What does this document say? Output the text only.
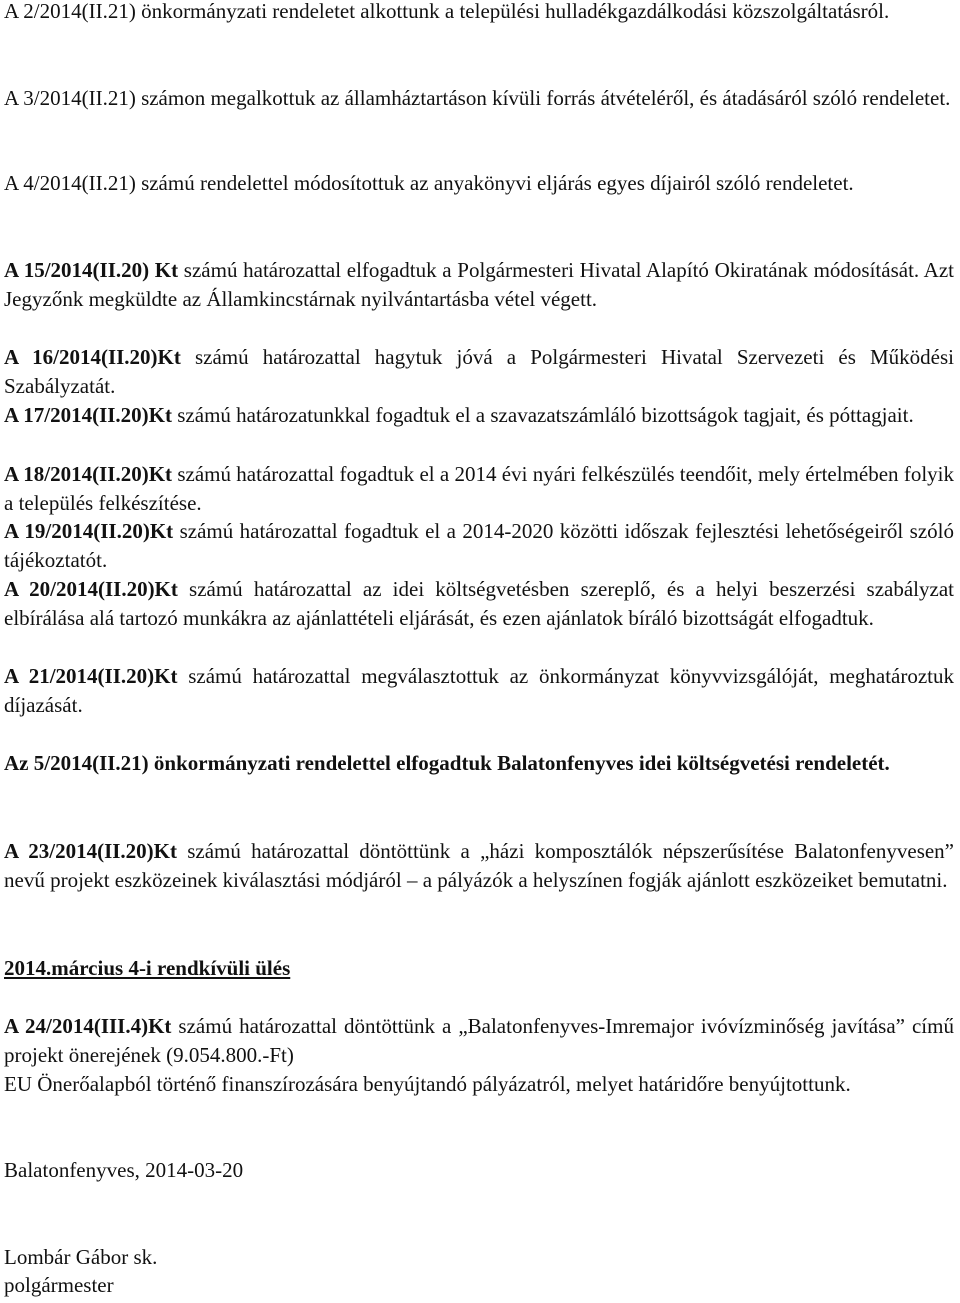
A 2/2014(II.21) önkormányzati rendeletet alkottunk a települési hulladékgazdálkodási közszolgáltatásról.

A 3/2014(II.21) számon megalkottuk az államháztartáson kívüli forrás átvételéről, és átadásáról szóló rendeletet.

A 4/2014(II.21) számú rendelettel módosítottuk az anyakönyvi eljárás egyes díjairól szóló rendeletet.

A 15/2014(II.20) Kt számú határozattal elfogadtuk a Polgármesteri Hivatal Alapító Okiratának módosítását. Azt Jegyzőnk megküldte az Államkincstárnak nyilvántartásba vétel végett.

A 16/2014(II.20)Kt számú határozattal hagytuk jóvá a Polgármesteri Hivatal Szervezeti és Működési Szabályzatát.

A 17/2014(II.20)Kt számú határozatunkkal fogadtuk el a szavazatszámláló bizottságok tagjait, és póttagjait.

A 18/2014(II.20)Kt számú határozattal fogadtuk el a 2014 évi nyári felkészülés teendőit, mely értelmében folyik a település felkészítése.

A 19/2014(II.20)Kt számú határozattal fogadtuk el a 2014-2020 közötti időszak fejlesztési lehetőségeiről szóló tájékoztatót.

A 20/2014(II.20)Kt számú határozattal az idei költségvetésben szereplő, és a helyi beszerzési szabályzat elbírálása alá tartozó munkákra az ajánlattételi eljárását, és ezen ajánlatok bíráló bizottságát elfogadtuk.

A 21/2014(II.20)Kt számú határozattal megválasztottuk az önkormányzat könyvvizsgálóját, meghatároztuk díjazását.

Az 5/2014(II.21) önkormányzati rendelettel elfogadtuk Balatonfenyves idei költségvetési rendeletét.

A 23/2014(II.20)Kt számú határozattal döntöttünk a „házi komposztálók népszerűsítése Balatonfenyvesen” nevű projekt eszközeinek kiválasztási módjáról – a pályázók a helyszínen fogják ajánlott eszközeiket bemutatni.

2014.március 4-i rendkívüli ülés

A 24/2014(III.4)Kt számú határozattal döntöttünk a „Balatonfenyves-Imremajor ivóvízminőség javítása” című projekt önerejének (9.054.800.-Ft)

EU Önerőalapból történő finanszírozására benyújtandó pályázatról, melyet határidőre benyújtottunk.

Balatonfenyves, 2014-03-20

Lombár Gábor sk.

polgármester
